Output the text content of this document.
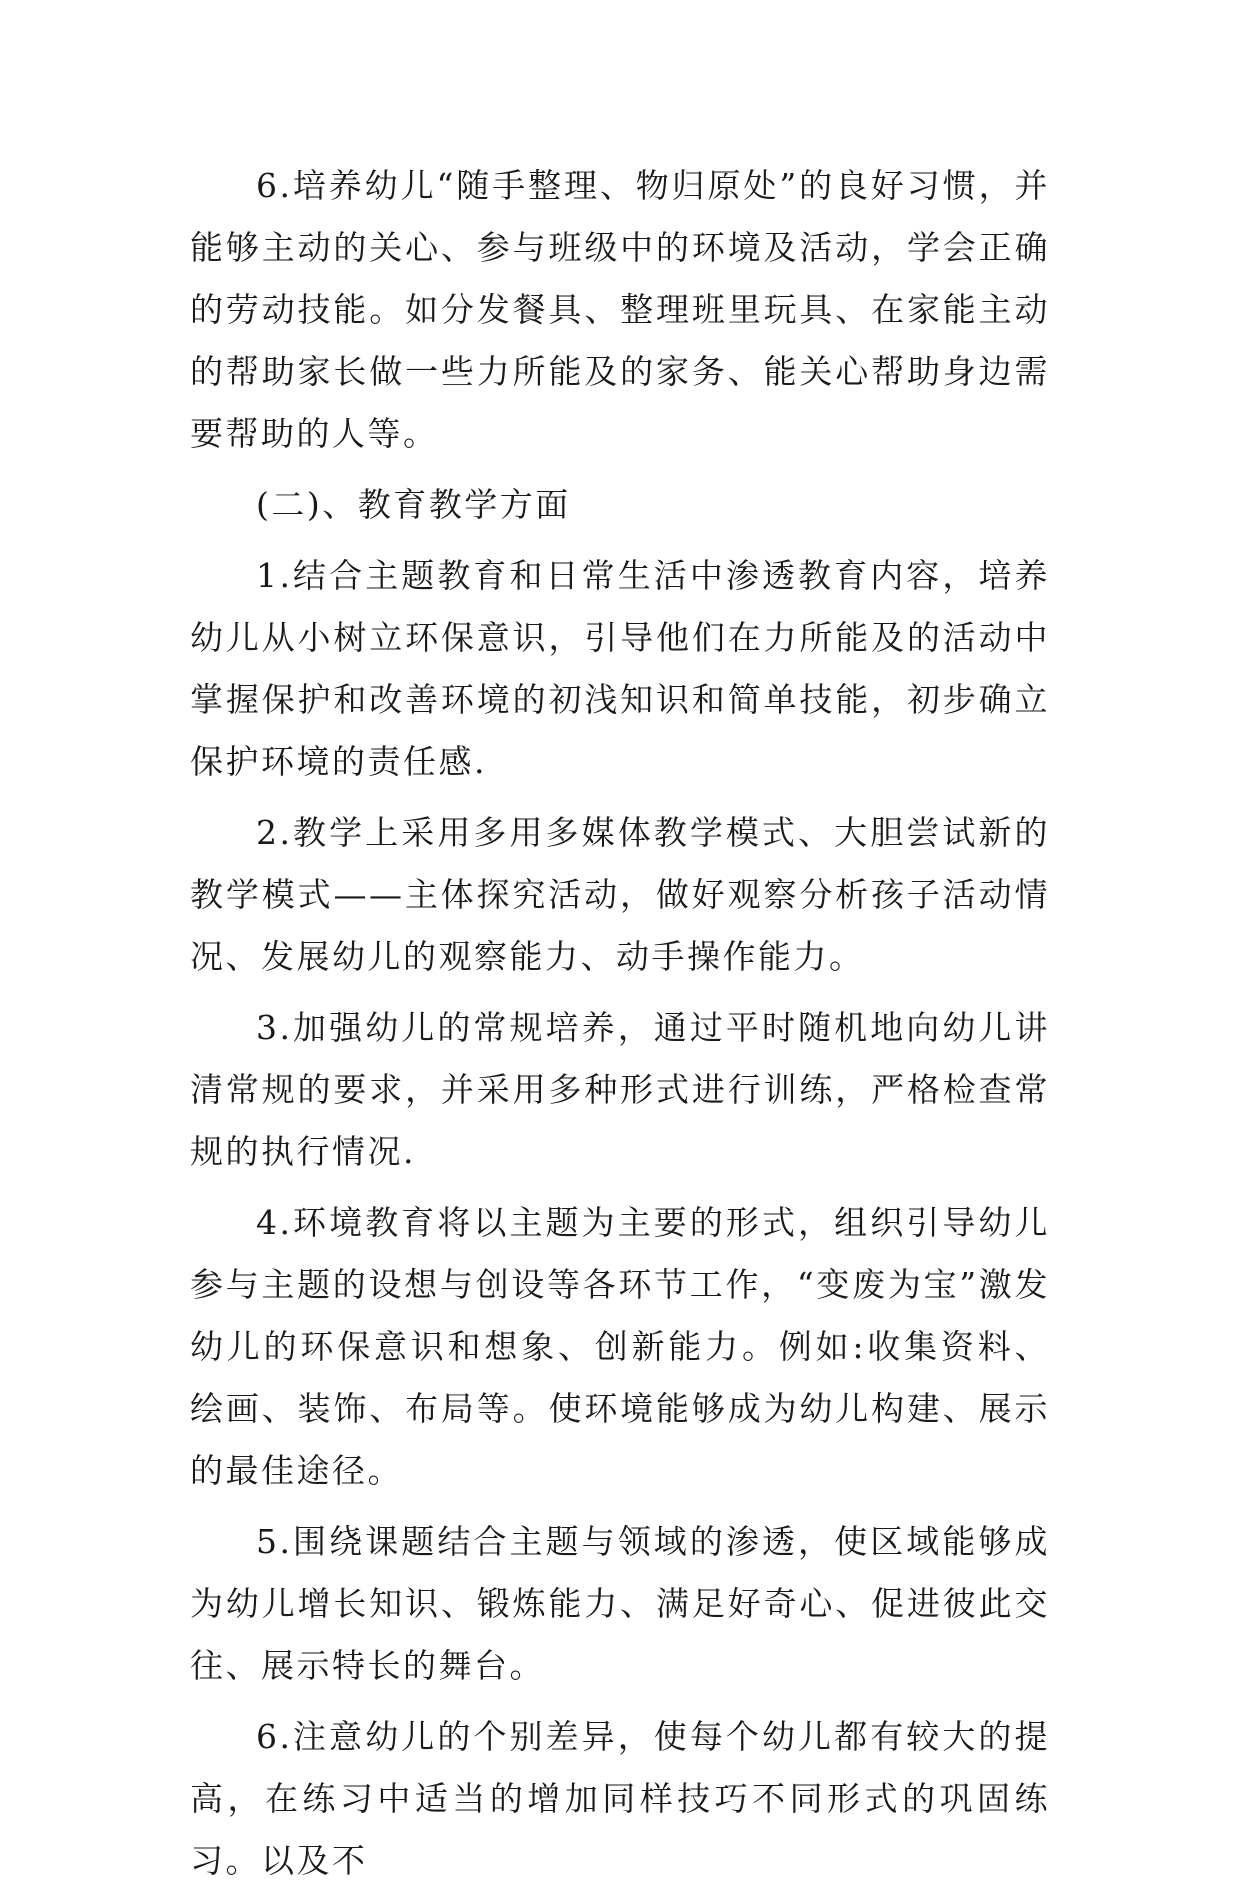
6.培养幼儿“随手整理、物归原处”的良好习惯，并能够主动的关心、参与班级中的环境及活动，学会正确的劳动技能。如分发餐具、整理班里玩具、在家能主动的帮助家长做一些力所能及的家务、能关心帮助身边需要帮助的人等。

(二)、教育教学方面

1.结合主题教育和日常生活中渗透教育内容，培养幼儿从小树立环保意识，引导他们在力所能及的活动中掌握保护和改善环境的初浅知识和简单技能，初步确立保护环境的责任感.

2.教学上采用多用多媒体教学模式、大胆尝试新的教学模式——主体探究活动，做好观察分析孩子活动情况、发展幼儿的观察能力、动手操作能力。

3.加强幼儿的常规培养，通过平时随机地向幼儿讲清常规的要求，并采用多种形式进行训练，严格检查常规的执行情况.

4.环境教育将以主题为主要的形式，组织引导幼儿参与主题的设想与创设等各环节工作，“变废为宝”激发幼儿的环保意识和想象、创新能力。例如:收集资料、绘画、装饰、布局等。使环境能够成为幼儿构建、展示的最佳途径。

5.围绕课题结合主题与领域的渗透，使区域能够成为幼儿增长知识、锻炼能力、满足好奇心、促进彼此交往、展示特长的舞台。

6.注意幼儿的个别差异，使每个幼儿都有较大的提高，在练习中适当的增加同样技巧不同形式的巩固练习。以及不
